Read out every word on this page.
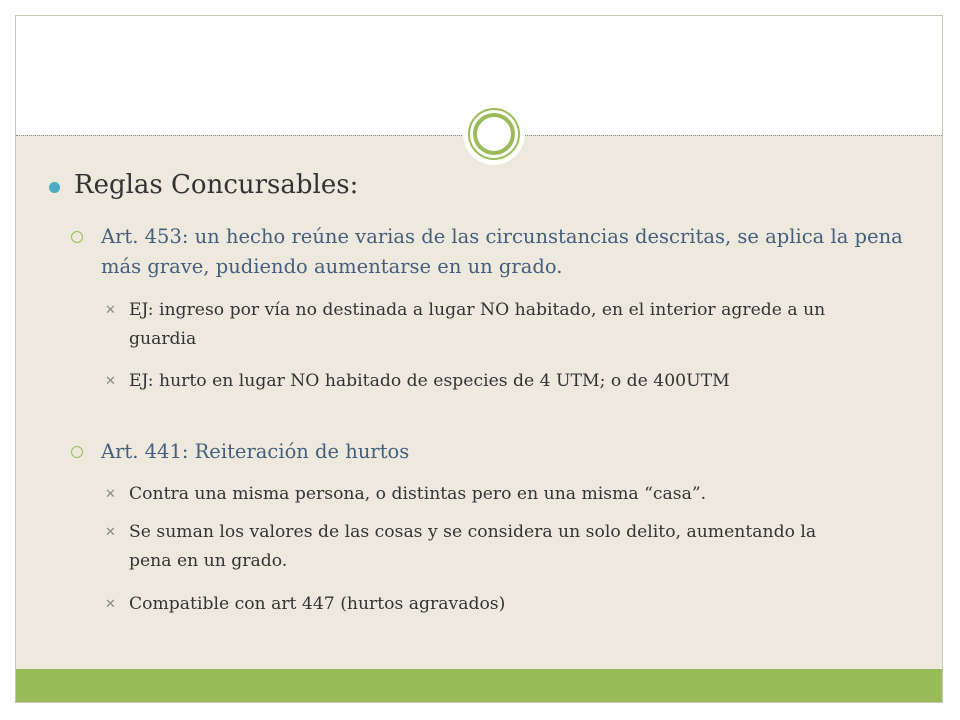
Reglas Concursables:
Art. 453: un hecho reúne varias de las circunstancias descritas, se aplica la pena más grave, pudiendo aumentarse en un grado.
✕ EJ: ingreso por vía no destinada a lugar NO habitado, en el interior agrede a un guardia
✕ EJ: hurto en lugar NO habitado de especies de 4 UTM; o de 400UTM
Art. 441: Reiteración de hurtos
✕ Contra una misma persona, o distintas pero en una misma “casa”.
✕ Se suman los valores de las cosas y se considera un solo delito, aumentando la pena en un grado.
✕ Compatible con art 447 (hurtos agravados)
